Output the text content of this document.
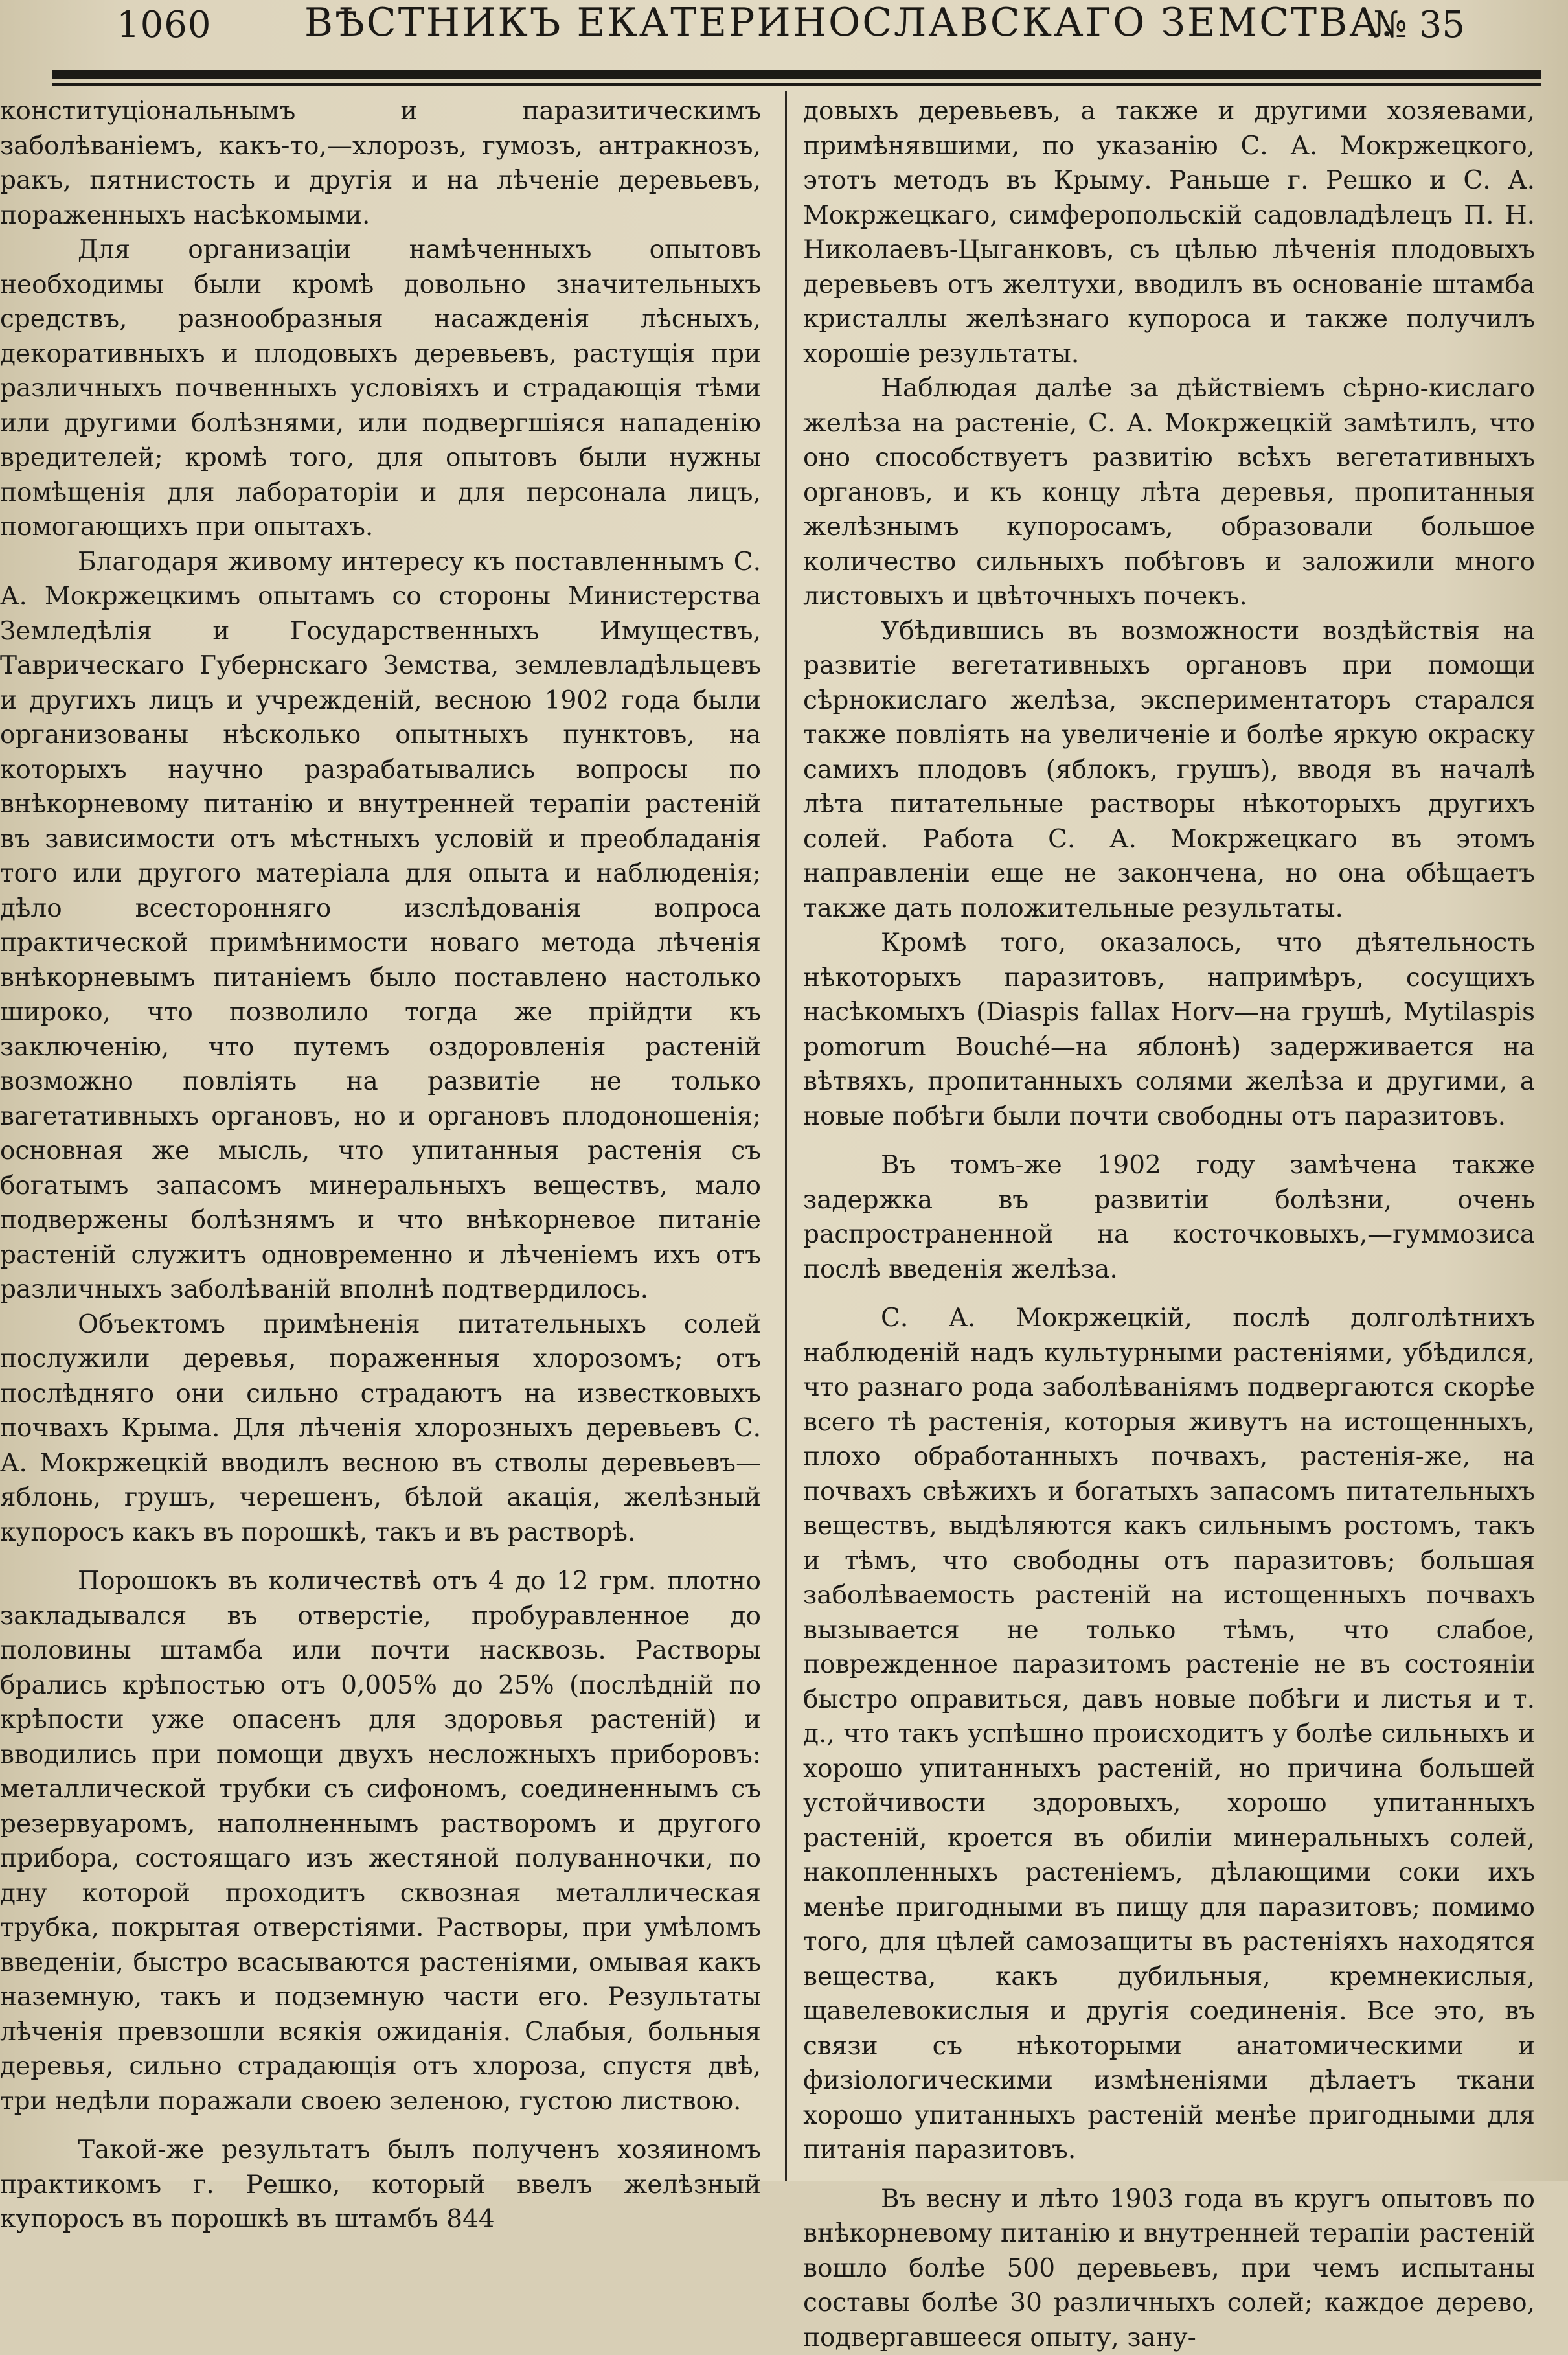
1060 ВѢСТНИКЪ ЕКАТЕРИНОСЛАВСКАГО ЗЕМСТВА.
№ 35

конституціональнымъ и паразитическимъ заболѣваніемъ, какъ-то,—хлорозъ, гумозъ, антракнозъ, ракъ, пятнистость и другія и на лѣченіе деревьевъ, пораженныхъ насѣкомыми.

Для организаціи намѣченныхъ опытовъ необходимы были кромѣ довольно значительныхъ средствъ, разнообразныя насажденія лѣсныхъ, декоративныхъ и плодовыхъ деревьевъ, растущія при различныхъ почвенныхъ условіяхъ и страдающія тѣми или другими болѣзнями, или подвергшіяся нападенію вредителей; кромѣ того, для опытовъ были нужны помѣщенія для лабораторіи и для персонала лицъ, помогающихъ при опытахъ.

Благодаря живому интересу къ поставленнымъ С. А. Мокржецкимъ опытамъ со стороны Министерства Земледѣлія и Государственныхъ Имуществъ, Таврическаго Губернскаго Земства, землевладѣльцевъ и другихъ лицъ и учрежденій, весною 1902 года были организованы нѣсколько опытныхъ пунктовъ, на которыхъ научно разрабатывались вопросы по внѣкорневому питанію и внутренней терапіи растеній въ зависимости отъ мѣстныхъ условій и преобладанія того или другого матеріала для опыта и наблюденія; дѣло всесторонняго изслѣдованія вопроса практической примѣнимости новаго метода лѣченія внѣкорневымъ питаніемъ было поставлено настолько широко, что позволило тогда же прійдти къ заключенію, что путемъ оздоровленія растеній возможно повліять на развитіе не только вагетативныхъ органовъ, но и органовъ плодоношенія; основная же мысль, что упитанныя растенія съ богатымъ запасомъ минеральныхъ веществъ, мало подвержены болѣзнямъ и что внѣкорневое питаніе растеній служитъ одновременно и лѣченіемъ ихъ отъ различныхъ заболѣваній вполнѣ подтвердилось.

Объектомъ примѣненія питательныхъ солей послужили деревья, пораженныя хлорозомъ; отъ послѣдняго они сильно страдаютъ на известковыхъ почвахъ Крыма. Для лѣченія хлорозныхъ деревьевъ С. А. Мокржецкій вводилъ весною въ стволы деревьевъ—яблонь, грушъ, черешенъ, бѣлой акація, желѣзный купоросъ какъ въ порошкѣ, такъ и въ растворѣ.

Порошокъ въ количествѣ отъ 4 до 12 грм. плотно закладывался въ отверстіе, пробуравленное до половины штамба или почти насквозь. Растворы брались крѣпостью отъ 0,005% до 25% (послѣдній по крѣпости уже опасенъ для здоровья растеній) и вводились при помощи двухъ несложныхъ приборовъ: металлической трубки съ сифономъ, соединеннымъ съ резервуаромъ, наполненнымъ растворомъ и другого прибора, состоящаго изъ жестяной полуванночки, по дну которой проходитъ сквозная металлическая трубка, покрытая отверстіями. Растворы, при умѣломъ введеніи, быстро всасываются растеніями, омывая какъ наземную, такъ и подземную части его. Результаты лѣченія превзошли всякія ожиданія. Слабыя, больныя деревья, сильно страдающія отъ хлороза, спустя двѣ, три недѣли поражали своею зеленою, густою листвою.

Такой-же результатъ былъ полученъ хозяиномъ практикомъ г. Решко, который ввелъ желѣзный купоросъ въ порошкѣ въ штамбъ 844

довыхъ деревьевъ, а также и другими хозяевами, примѣнявшими, по указанію С. А. Мокржецкого, этотъ методъ въ Крыму. Раньше г. Решко и С. А. Мокржецкаго, симферопольскій садовладѣлецъ П. Н. Николаевъ-Цыганковъ, съ цѣлью лѣченія плодовыхъ деревьевъ отъ желтухи, вводилъ въ основаніе штамба кристаллы желѣзнаго купороса и также получилъ хорошіе результаты.

Наблюдая далѣе за дѣйствіемъ сѣрно-кислаго желѣза на растеніе, С. А. Мокржецкій замѣтилъ, что оно способствуетъ развитію всѣхъ вегетативныхъ органовъ, и къ концу лѣта деревья, пропитанныя желѣзнымъ купоросамъ, образовали большое количество сильныхъ побѣговъ и заложили много листовыхъ и цвѣточныхъ почекъ.

Убѣдившись въ возможности воздѣйствія на развитіе вегетативныхъ органовъ при помощи сѣрнокислаго желѣза, экспериментаторъ старался также повліять на увеличеніе и болѣе яркую окраску самихъ плодовъ (яблокъ, грушъ), вводя въ началѣ лѣта питательные растворы нѣкоторыхъ другихъ солей. Работа С. А. Мокржецкаго въ этомъ направленіи еще не закончена, но она обѣщаетъ также дать положительные результаты.

Кромѣ того, оказалось, что дѣятельность нѣкоторыхъ паразитовъ, напримѣръ, сосущихъ насѣкомыхъ (Diaspis fallax Horv—на грушѣ, Mytilaspis pomorum Bouché—на яблонѣ) задерживается на вѣтвяхъ, пропитанныхъ солями желѣза и другими, а новые побѣги были почти свободны отъ паразитовъ.

Въ томъ-же 1902 году замѣчена также задержка въ развитіи болѣзни, очень распространенной на косточковыхъ,—гуммозиса послѣ введенія желѣза.

С. А. Мокржецкій, послѣ долголѣтнихъ наблюденій надъ культурными растеніями, убѣдился, что разнаго рода заболѣваніямъ подвергаются скорѣе всего тѣ растенія, которыя живутъ на истощенныхъ, плохо обработанныхъ почвахъ, растенія-же, на почвахъ свѣжихъ и богатыхъ запасомъ питательныхъ веществъ, выдѣляются какъ сильнымъ ростомъ, такъ и тѣмъ, что свободны отъ паразитовъ; большая заболѣваемость растеній на истощенныхъ почвахъ вызывается не только тѣмъ, что слабое, поврежденное паразитомъ растеніе не въ состояніи быстро оправиться, давъ новые побѣги и листья и т. д., что такъ успѣшно происходитъ у болѣе сильныхъ и хорошо упитанныхъ растеній, но причина большей устойчивости здоровыхъ, хорошо упитанныхъ растеній, кроется въ обиліи минеральныхъ солей, накопленныхъ растеніемъ, дѣлающими соки ихъ менѣе пригодными въ пищу для паразитовъ; помимо того, для цѣлей самозащиты въ растеніяхъ находятся вещества, какъ дубильныя, кремнекислыя, щавелевокислыя и другія соединенія. Все это, въ связи съ нѣкоторыми анатомическими и физіологическими измѣненіями дѣлаетъ ткани хорошо упитанныхъ растеній менѣе пригодными для питанія паразитовъ.

Въ весну и лѣто 1903 года въ кругъ опытовъ по внѣкорневому питанію и внутренней терапіи растеній вошло болѣе 500 деревьевъ, при чемъ испытаны составы болѣе 30 различныхъ солей; каждое дерево, подвергавшееся опыту, зану-
